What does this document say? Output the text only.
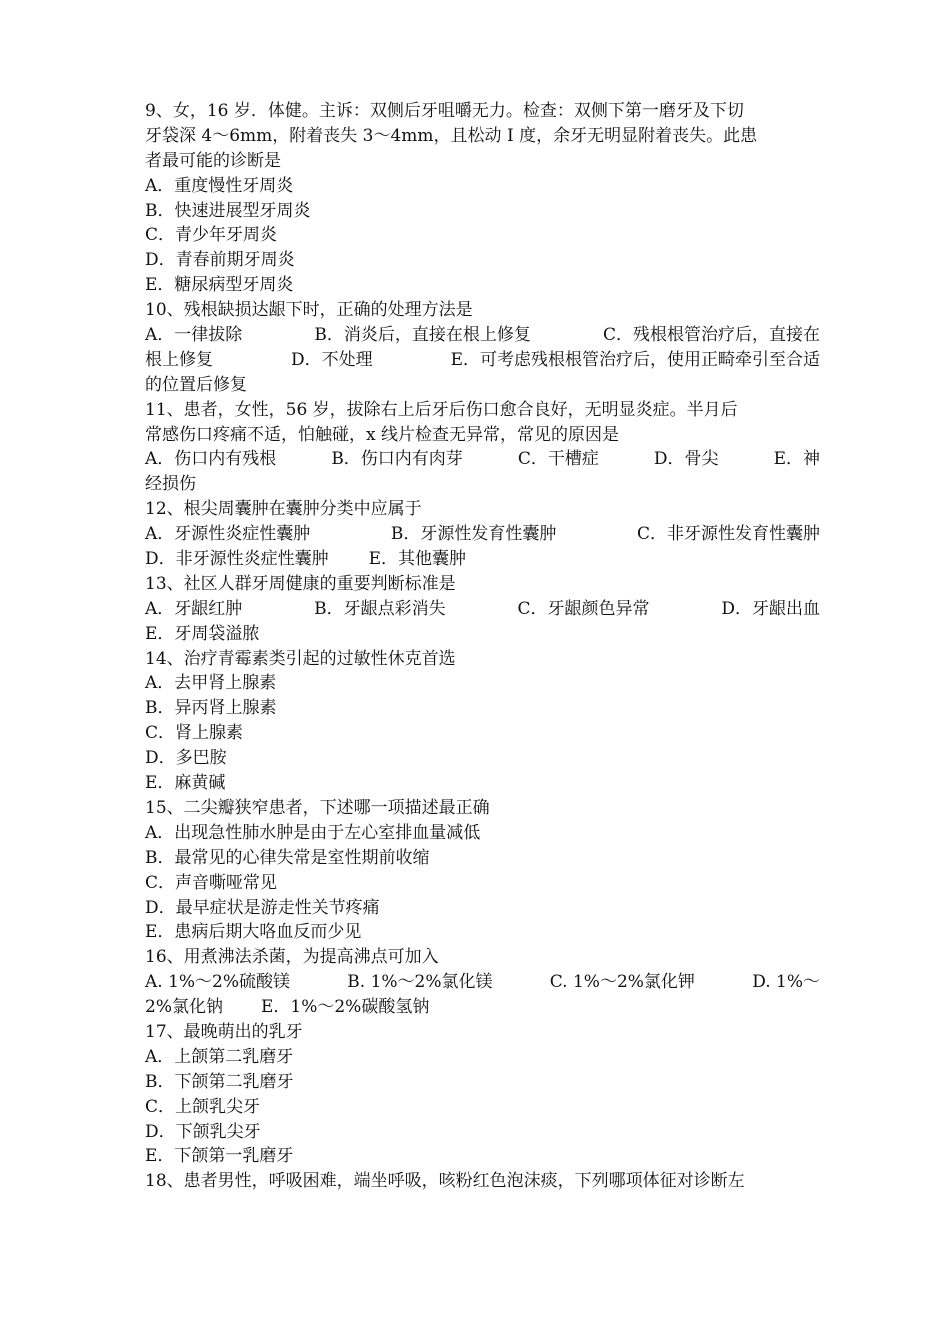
9、女，16 岁．体健。主诉：双侧后牙咀嚼无力。检查：双侧下第一磨牙及下切
牙袋深 4～6mm，附着丧失 3～4mm，且松动 I 度，余牙无明显附着丧失。此患
者最可能的诊断是
A．重度慢性牙周炎
B．快速进展型牙周炎
C．青少年牙周炎
D．青春前期牙周炎
E．糖尿病型牙周炎
10、残根缺损达龈下时，正确的处理方法是
A．一律拔除	B．消炎后，直接在根上修复	C．残根根管治疗后，直接在
根上修复	D．不处理	E．可考虑残根根管治疗后，使用正畸牵引至合适
的位置后修复
11、患者，女性，56 岁，拔除右上后牙后伤口愈合良好，无明显炎症。半月后
常感伤口疼痛不适，怕触碰，x 线片检查无异常，常见的原因是
A．伤口内有残根	B．伤口内有肉芽	C．干槽症	D．骨尖	E．神
经损伤
12、根尖周囊肿在囊肿分类中应属于
A．牙源性炎症性囊肿	B．牙源性发育性囊肿	C．非牙源性发育性囊肿
D．非牙源性炎症性囊肿 E．其他囊肿
13、社区人群牙周健康的重要判断标准是
A．牙龈红肿	B．牙龈点彩消失	C．牙龈颜色异常	D．牙龈出血
E．牙周袋溢脓
14、治疗青霉素类引起的过敏性休克首选
A．去甲肾上腺素
B．异丙肾上腺素
C．肾上腺素
D．多巴胺
E．麻黄碱
15、二尖瓣狭窄患者，下述哪一项描述最正确
A．出现急性肺水肿是由于左心室排血量减低
B．最常见的心律失常是室性期前收缩
C．声音嘶哑常见
D．最早症状是游走性关节疼痛
E．患病后期大咯血反而少见
16、用煮沸法杀菌，为提高沸点可加入
A. 1%～2%硫酸镁	B. 1%～2%氯化镁	C. 1%～2%氯化钾	D. 1%～
2%氯化钠 E．1%～2%碳酸氢钠
17、最晚萌出的乳牙
A．上颌第二乳磨牙
B．下颌第二乳磨牙
C．上颌乳尖牙
D．下颌乳尖牙
E．下颌第一乳磨牙
18、患者男性，呼吸困难，端坐呼吸，咳粉红色泡沫痰，下列哪项体征对诊断左
